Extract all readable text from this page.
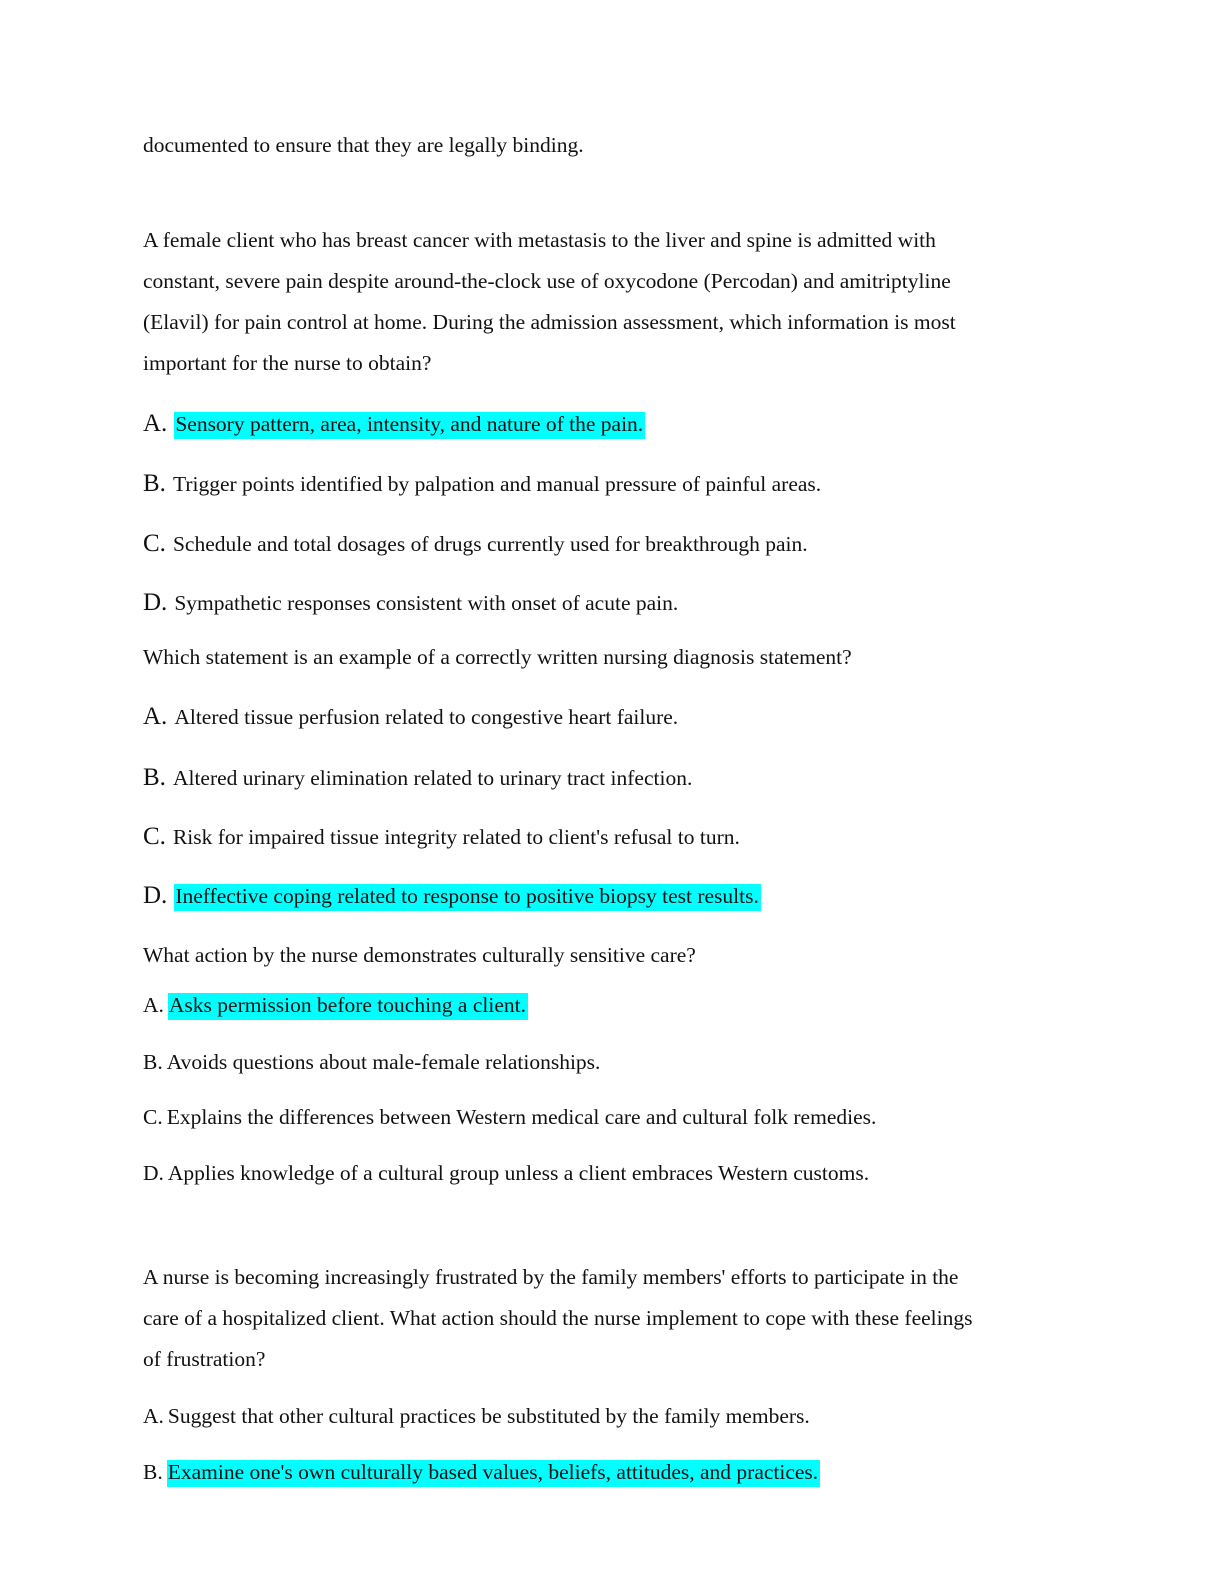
documented to ensure that they are legally binding.
A female client who has breast cancer with metastasis to the liver and spine is admitted with
constant, severe pain despite around-the-clock use of oxycodone (Percodan) and amitriptyline
(Elavil) for pain control at home. During the admission assessment, which information is most
important for the nurse to obtain?
A. Sensory pattern, area, intensity, and nature of the pain.
B. Trigger points identified by palpation and manual pressure of painful areas.
C. Schedule and total dosages of drugs currently used for breakthrough pain.
D. Sympathetic responses consistent with onset of acute pain.
Which statement is an example of a correctly written nursing diagnosis statement?
A. Altered tissue perfusion related to congestive heart failure.
B. Altered urinary elimination related to urinary tract infection.
C. Risk for impaired tissue integrity related to client's refusal to turn.
D. Ineffective coping related to response to positive biopsy test results.
What action by the nurse demonstrates culturally sensitive care?
A. Asks permission before touching a client.
B. Avoids questions about male-female relationships.
C. Explains the differences between Western medical care and cultural folk remedies.
D. Applies knowledge of a cultural group unless a client embraces Western customs.
A nurse is becoming increasingly frustrated by the family members' efforts to participate in the
care of a hospitalized client. What action should the nurse implement to cope with these feelings
of frustration?
A. Suggest that other cultural practices be substituted by the family members.
B. Examine one's own culturally based values, beliefs, attitudes, and practices.
